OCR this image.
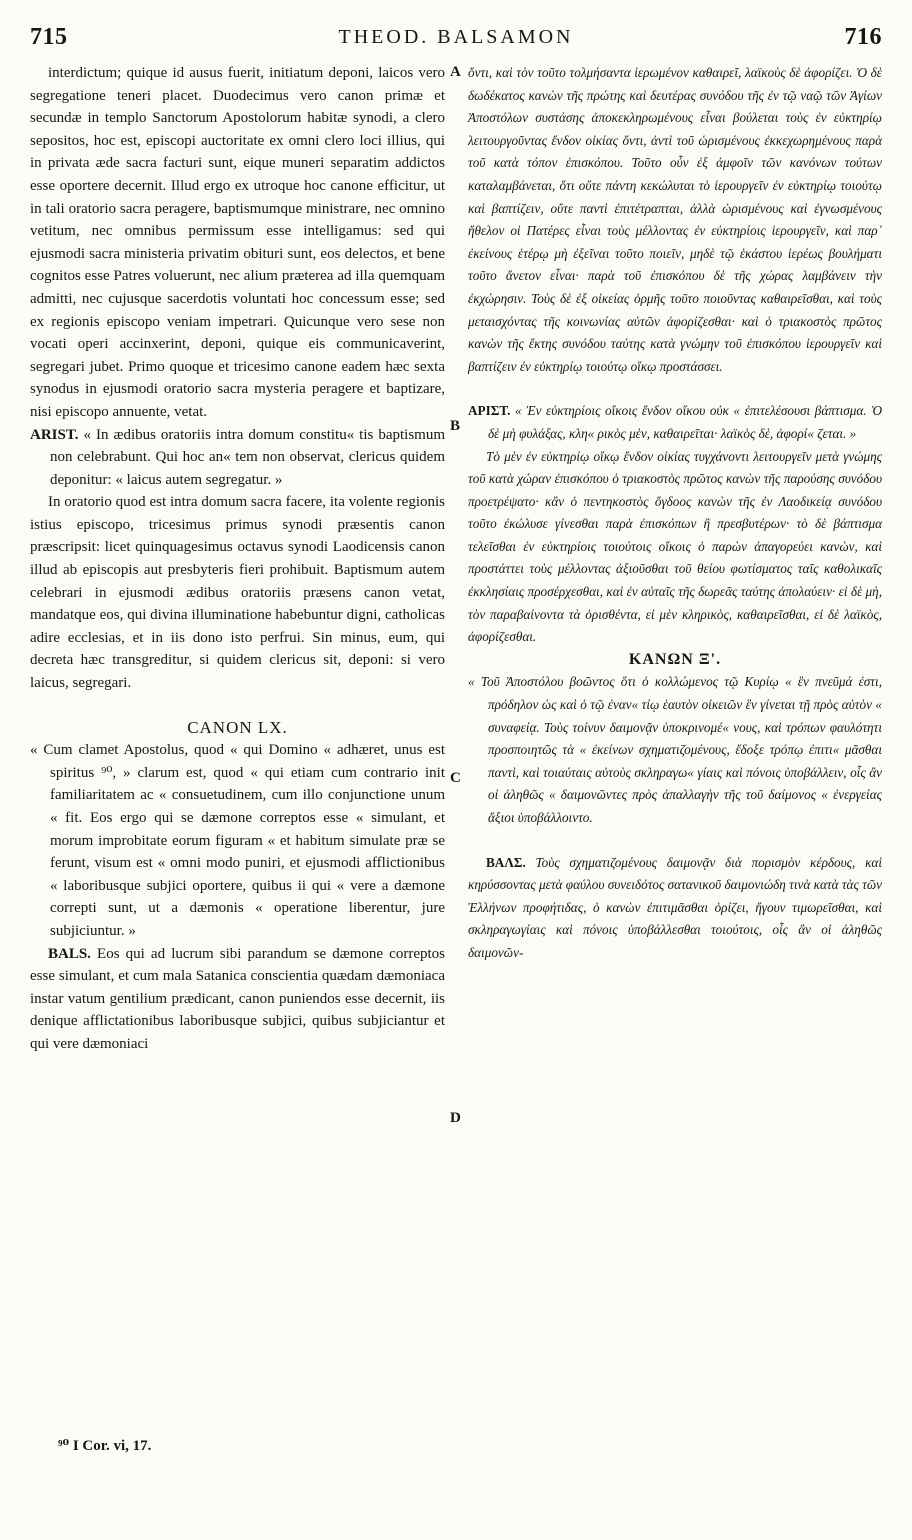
715	THEOD. BALSAMON	716
A
B
C
D

interdictum; quique id ausus fuerit, initiatum deponi, laicos vero segregatione teneri placet. Duodecimus vero canon primæ et secundæ in templo Sanctorum Apostolorum habitæ synodi, a clero sepositos, hoc est, episcopi auctoritate ex omni clero loci illius, qui in privata æde sacra facturi sunt, eique muneri separatim addictos esse oportere decernit. Illud ergo ex utroque hoc canone efficitur, ut in tali oratorio sacra peragere, baptismumque ministrare, nec omnino vetitum, nec omnibus permissum esse intelligamus: sed qui ejusmodi sacra ministeria privatim obituri sunt, eos delectos, et bene cognitos esse Patres voluerunt, nec alium præterea ad illa quemquam admitti, nec cujusque sacerdotis voluntati hoc concessum esse; sed ex regionis episcopo veniam impetrari. Quicunque vero sese non vocati operi accinxerint, deponi, quique eis communicaverint, segregari jubet. Primo quoque et tricesimo canone eadem hæc sexta synodus in ejusmodi oratorio sacra mysteria peragere et baptizare, nisi episcopo annuente, vetat.

ARIST. « In ædibus oratoriis intra domum constitu« tis baptismum non celebrabunt. Qui hoc an« tem non observat, clericus quidem deponitur: « laicus autem segregatur. »

In oratorio quod est intra domum sacra facere, ita volente regionis istius episcopo, tricesimus primus synodi præsentis canon præscripsit: licet quinquagesimus octavus synodi Laodicensis canon illud ab episcopis aut presbyteris fieri prohibuit. Baptismum autem celebrari in ejusmodi ædibus oratoriis præsens canon vetat, mandatque eos, qui divina illuminatione habebuntur digni, catholicas adire ecclesias, et in iis dono isto perfrui. Sin minus, eum, qui decreta hæc transgreditur, si quidem clericus sit, deponi: si vero laicus, segregari.

CANON LX.

« Cum clamet Apostolus, quod « qui Domino « adhæret, unus est spiritus ⁹⁰, » clarum est, quod « qui etiam cum contrario init familiaritatem ac « consuetudinem, cum illo conjunctione unum « fit. Eos ergo qui se dæmone correptos esse « simulant, et morum improbitate eorum figuram « et habitum simulate præ se ferunt, visum est « omni modo puniri, et ejusmodi afflictionibus « laboribusque subjici oportere, quibus ii qui « vere a dæmone correpti sunt, ut a dæmonis « operatione liberentur, jure subjiciuntur. »

BALS. Eos qui ad lucrum sibi parandum se dæmone correptos esse simulant, et cum mala Satanica conscientia quædam dæmoniaca instar vatum gentilium prædicant, canon puniendos esse decernit, iis denique afflictationibus laboribusque subjici, quibus subjiciantur et qui vere dæmoniaci

ὄντι, καὶ τὸν τοῦτο τολμήσαντα ἱερωμένον καθαιρεῖ, λαϊκοὺς δὲ ἀφορίζει. Ὁ δὲ δωδέκατος κανὼν τῆς πρώτης καὶ δευτέρας συνόδου τῆς ἐν τῷ ναῷ τῶν Ἁγίων Ἀποστόλων συστάσης ἀποκεκληρωμένους εἶναι βούλεται τοὺς ἐν εὐκτηρίῳ λειτουργοῦντας ἔνδον οἰκίας ὄντι, ἀντὶ τοῦ ὡρισμένους ἐκκεχωρημένους παρὰ τοῦ κατὰ τόπον ἐπισκόπου. Τοῦτο οὖν ἐξ ἀμφοῖν τῶν κανόνων τούτων καταλαμβάνεται, ὅτι οὔτε πάντη κεκώλυται τὸ ἱερουργεῖν ἐν εὐκτηρίῳ τοιούτῳ καὶ βαπτίζειν, οὔτε παντὶ ἐπιτέτραπται, ἀλλὰ ὡρισμένους καὶ ἐγνωσμένους ἤθελον οἱ Πατέρες εἶναι τοὺς μέλλοντας ἐν εὐκτηρίοις ἱερουργεῖν, καὶ παρ᾽ ἐκείνους ἑτέρῳ μὴ ἐξεῖναι τοῦτο ποιεῖν, μηδὲ τῷ ἑκάστου ἱερέως βουλήματι τοῦτο ἄνετον εἶναι· παρὰ τοῦ ἐπισκόπου δὲ τῆς χώρας λαμβάνειν τὴν ἐκχώρησιν. Τοὺς δὲ ἐξ οἰκείας ὁρμῆς τοῦτο ποιοῦντας καθαιρεῖσθαι, καὶ τοὺς μεταισχόντας τῆς κοινωνίας αὐτῶν ἀφορίζεσθαι· καὶ ὁ τριακοστὸς πρῶτος κανὼν τῆς ἕκτης συνόδου ταύτης κατὰ γνώμην τοῦ ἐπισκόπου ἱερουργεῖν καὶ βαπτίζειν ἐν εὐκτηρίῳ τοιούτῳ οἴκῳ προστάσσει.

ΑΡΙΣΤ. « Ἐν εὐκτηρίοις οἴκοις ἔνδον οἴκου οὐκ « ἐπιτελέσουσι βάπτισμα. Ὁ δὲ μὴ φυλάξας, κλη« ρικὸς μὲν, καθαιρεῖται· λαϊκὸς δὲ, ἀφορί« ζεται. »

Τὸ μὲν ἐν εὐκτηρίῳ οἴκῳ ἔνδον οἰκίας τυγχάνοντι λειτουργεῖν μετὰ γνώμης τοῦ κατὰ χώραν ἐπισκόπου ὁ τριακοστὸς πρῶτος κανὼν τῆς παρούσης συνόδου προετρέψατο· κἂν ὁ πεντηκοστὸς ὄγδοος κανὼν τῆς ἐν Λαοδικείᾳ συνόδου τοῦτο ἐκώλυσε γίνεσθαι παρὰ ἐπισκόπων ἢ πρεσβυτέρων· τὸ δὲ βάπτισμα τελεῖσθαι ἐν εὐκτηρίοις τοιούτοις οἴκοις ὁ παρὼν ἀπαγορεύει κανὼν, καὶ προστάττει τοὺς μέλλοντας ἀξιοῦσθαι τοῦ θείου φωτίσματος ταῖς καθολικαῖς ἐκκλησίαις προσέρχεσθαι, καὶ ἐν αὐταῖς τῆς δωρεᾶς ταύτης ἀπολαύειν· εἰ δὲ μὴ, τὸν παραβαίνοντα τὰ ὁρισθέντα, εἰ μὲν κληρικὸς, καθαιρεῖσθαι, εἰ δὲ λαϊκὸς, ἀφορίζεσθαι.

ΚΑΝΩΝ Ξ'.

« Τοῦ Ἀποστόλου βοῶντος ὅτι ὁ κολλώμενος τῷ Κυρίῳ « ἓν πνεῦμά ἐστι, πρόδηλον ὡς καὶ ὁ τῷ ἐναν« τίῳ ἑαυτὸν οἰκειῶν ἓν γίνεται τῇ πρὸς αὐτὸν « συναφείᾳ. Τοὺς τοίνυν δαιμονᾷν ὑποκρινομέ« νους, καὶ τρόπων φαυλότητι προσποιητῶς τὰ « ἐκείνων σχηματιζομένους, ἔδοξε τρόπῳ ἐπιτι« μᾶσθαι παντὶ, καὶ τοιαύταις αὐτοὺς σκληραγω« γίαις καὶ πόνοις ὑποβάλλειν, οἷς ἂν οἱ ἀληθῶς « δαιμονῶντες πρὸς ἀπαλλαγὴν τῆς τοῦ δαίμονος « ἐνεργείας ἄξιοι ὑποβάλλοιντο.

ΒΑΛΣ. Τοὺς σχηματιζομένους δαιμονᾷν διὰ πορισμὸν κέρδους, καὶ κηρύσσοντας μετὰ φαύλου συνειδότος σατανικοῦ δαιμονιώδη τινὰ κατὰ τὰς τῶν Ἑλλήνων προφήτιδας, ὁ κανὼν ἐπιτιμᾶσθαι ὁρίζει, ἤγουν τιμωρεῖσθαι, καὶ σκληραγωγίαις καὶ πόνοις ὑποβάλλεσθαι τοιούτοις, οἷς ἂν οἱ ἀληθῶς δαιμονῶν-

⁹⁰ I Cor. vi, 17.
